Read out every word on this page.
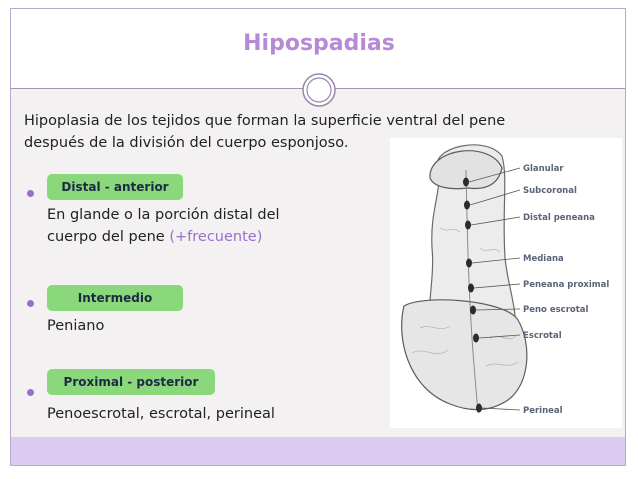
Hipospadias
Hipoplasia de los tejidos que forman la superficie ventral del pene
después de la división del cuerpo esponjoso.
Distal - anterior
En glande o la porción distal del
cuerpo del pene (+frecuente)
Intermedio
Peniano
Proximal - posterior
Penoescrotal, escrotal, perineal
Glanular
Subcoronal
Distal peneana
Mediana
Peneana proximal
Peno escrotal
Escrotal
Perineal
